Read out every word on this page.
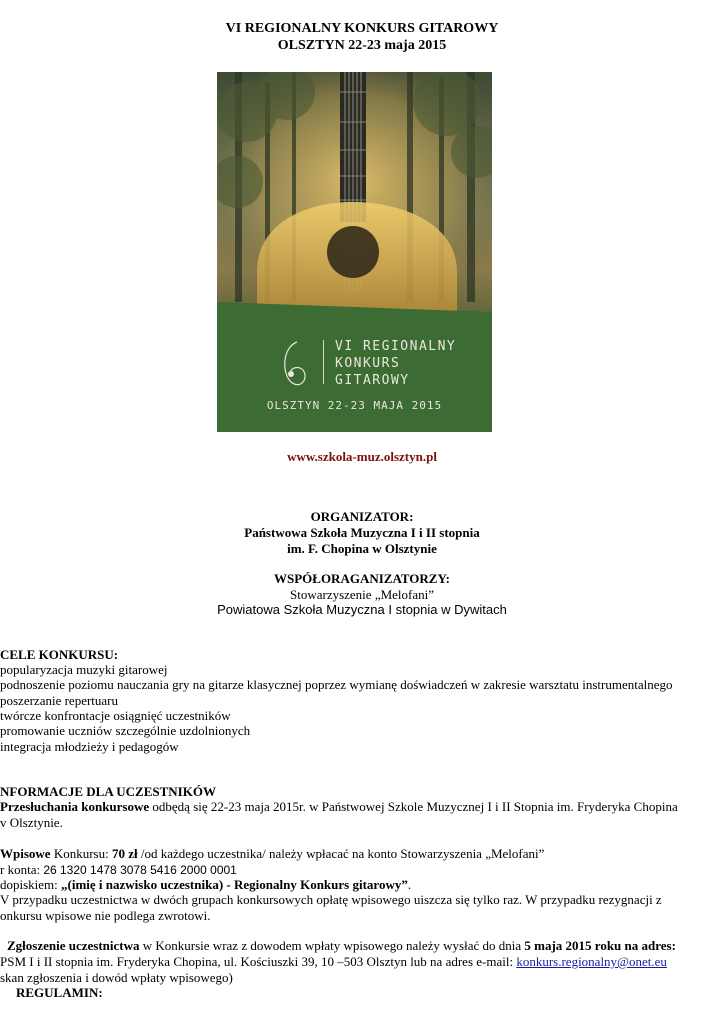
VI REGIONALNY KONKURS GITAROWY
OLSZTYN 22-23 maja 2015
VI REGIONALNY
KONKURS
GITAROWY
OLSZTYN 22-23 MAJA 2015
www.szkola-muz.olsztyn.pl
ORGANIZATOR:
Państwowa Szkoła Muzyczna I i II stopnia
im. F. Chopina w Olsztynie
WSPÓŁORAGANIZATORZY:
Stowarzyszenie „Melofani”
Powiatowa Szkoła Muzyczna I stopnia w Dywitach
CELE KONKURSU:
popularyzacja muzyki gitarowej
podnoszenie poziomu nauczania gry na gitarze klasycznej poprzez wymianę doświadczeń w zakresie warsztatu instrumentalnego
poszerzanie repertuaru
twórcze konfrontacje osiągnięć uczestników
promowanie uczniów szczególnie uzdolnionych
integracja młodzieży i pedagogów
NFORMACJE DLA UCZESTNIKÓW
Przesłuchania konkursowe odbędą się 22-23 maja 2015r. w Państwowej Szkole Muzycznej I i II Stopnia im. Fryderyka Chopina
v Olsztynie.
Wpisowe Konkursu: 70 zł /od każdego uczestnika/ należy wpłacać na konto Stowarzyszenia „Melofani”
r konta: 26 1320 1478 3078 5416 2000 0001
dopiskiem: „(imię i nazwisko uczestnika) - Regionalny Konkurs gitarowy”.
V przypadku uczestnictwa w dwóch grupach konkursowych opłatę wpisowego uiszcza się tylko raz. W przypadku rezygnacji z
onkursu wpisowe nie podlega zwrotowi.
Zgłoszenie uczestnictwa w Konkursie wraz z dowodem wpłaty wpisowego należy wysłać do dnia 5 maja 2015 roku na adres:
PSM I i II stopnia im. Fryderyka Chopina, ul. Kościuszki 39, 10 –503 Olsztyn lub na adres e-mail: konkurs.regionalny@onet.eu
skan zgłoszenia i dowód wpłaty wpisowego)
REGULAMIN:
